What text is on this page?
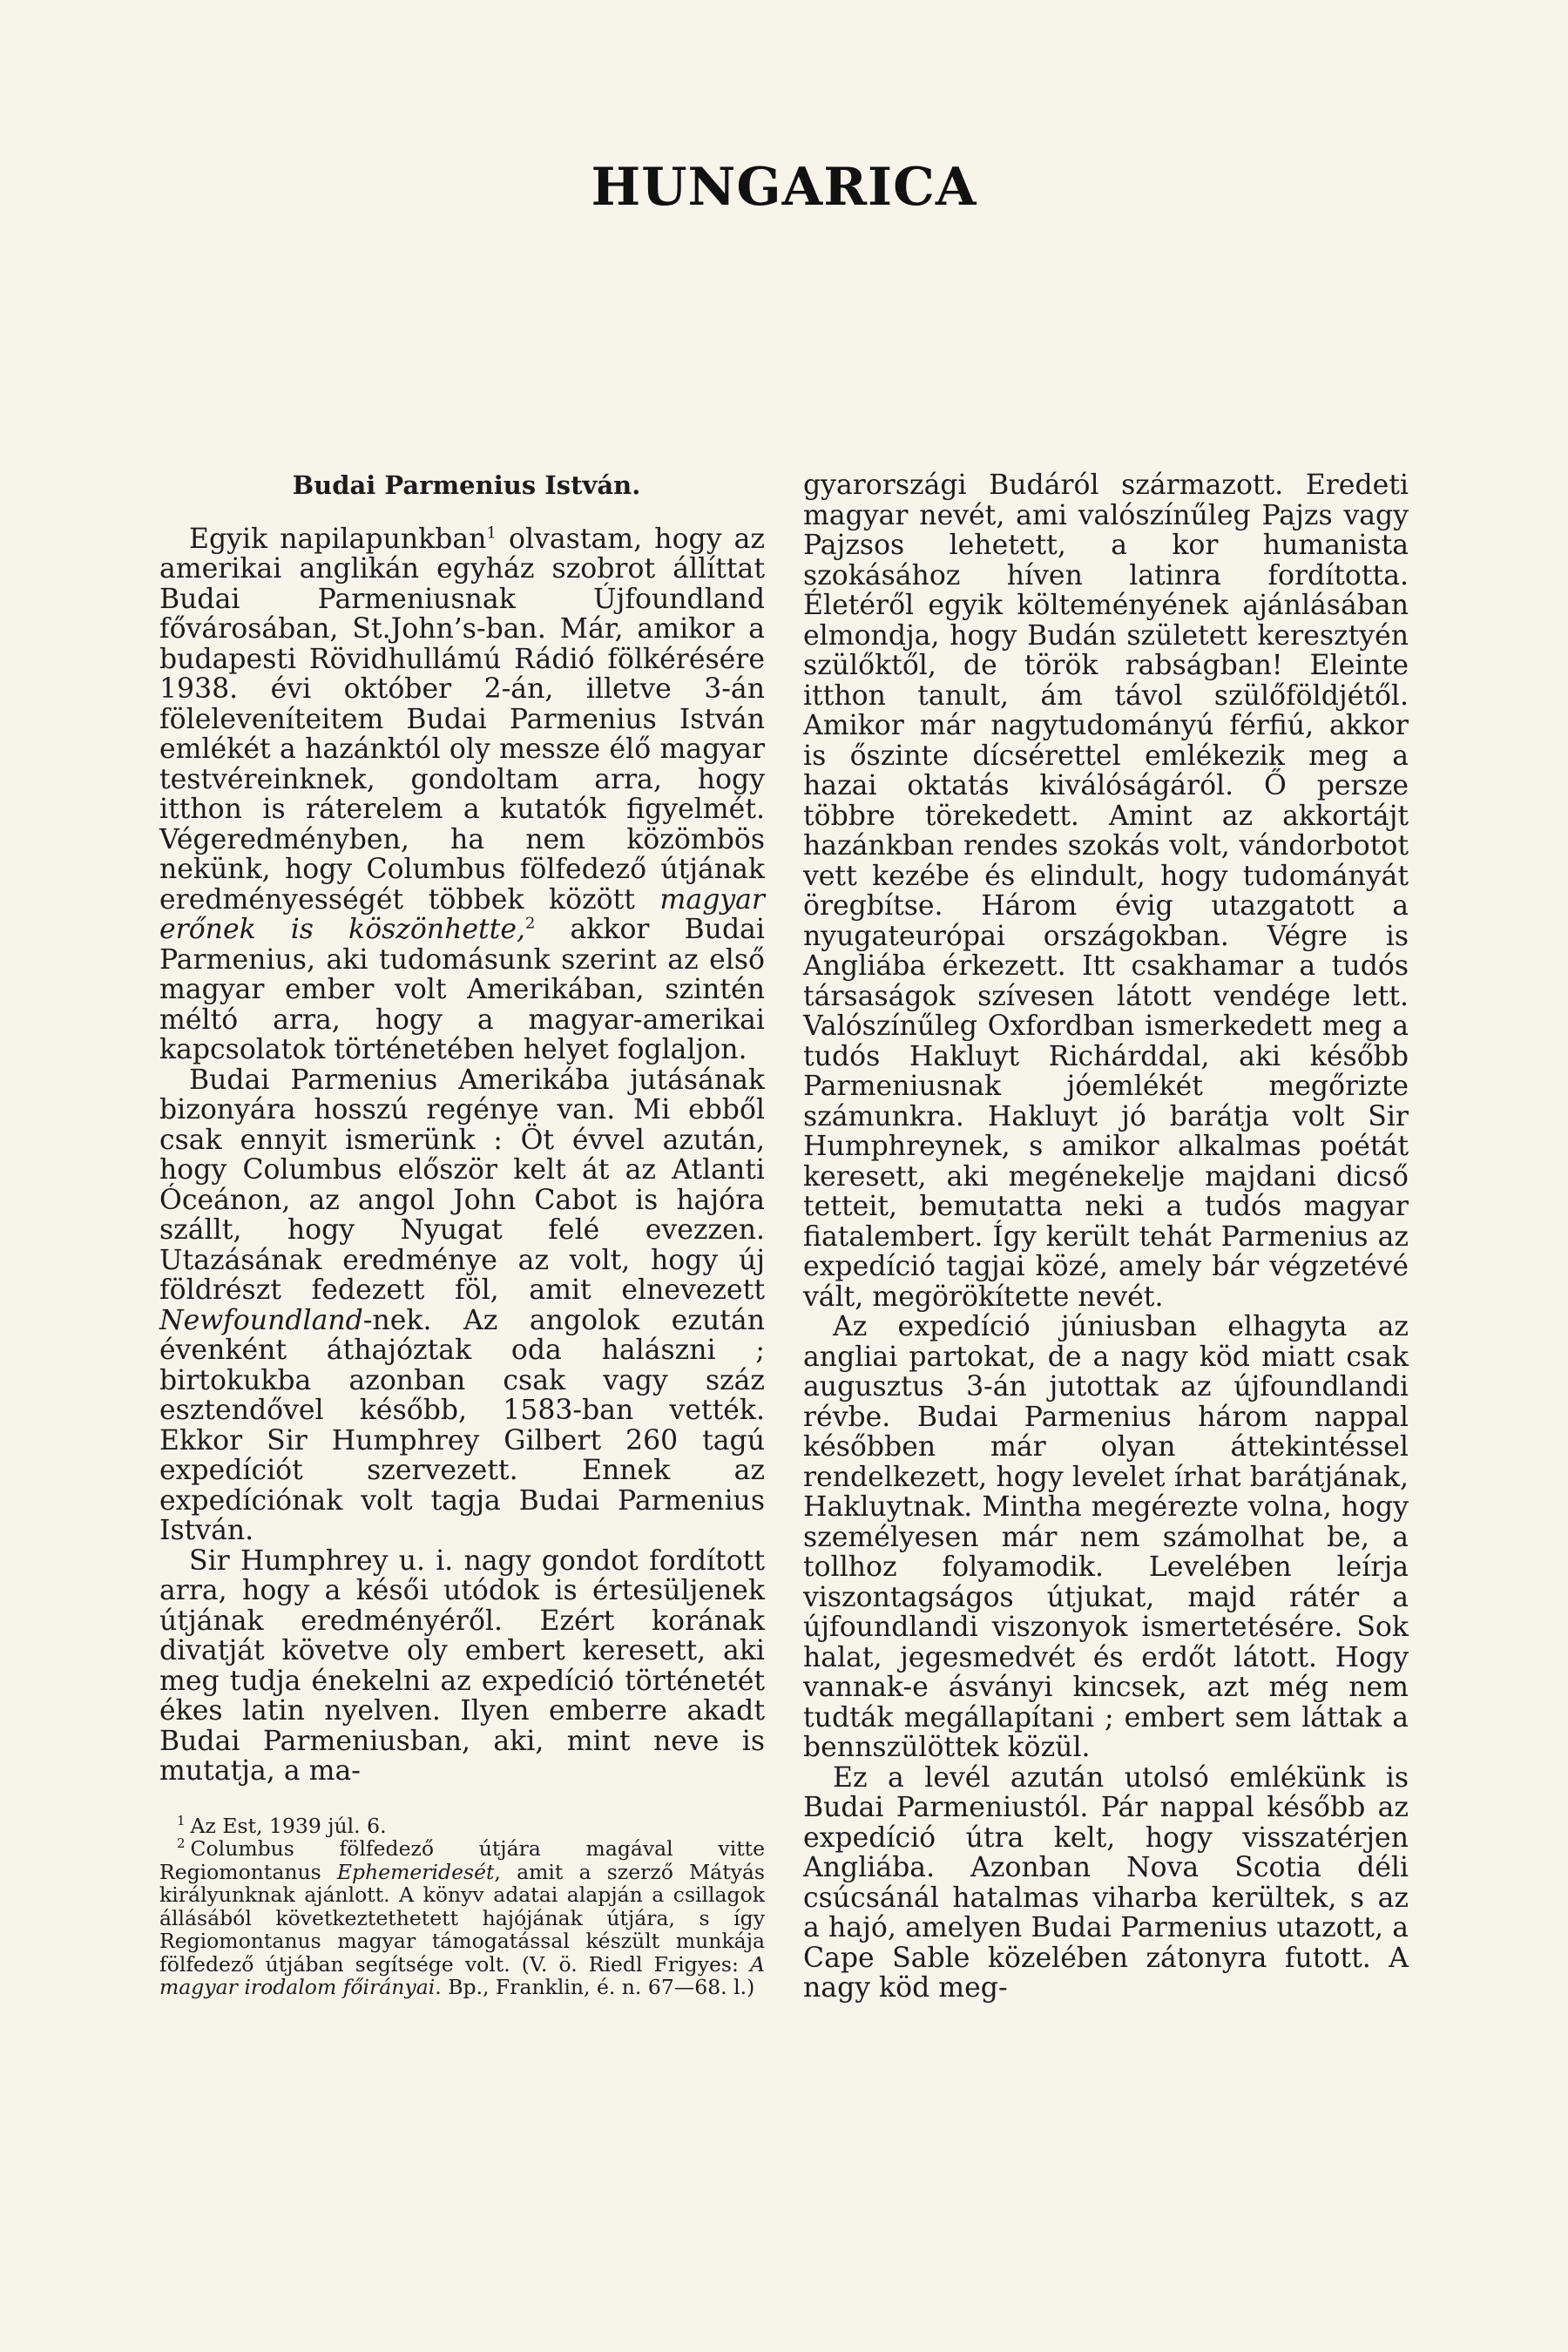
HUNGARICA
Budai Parmenius István.

Egyik napilapunkban$^1$ olvastam, hogy az amerikai anglikán egyház szobrot állíttat Budai Parmeniusnak Újfoundland fővárosában, St.John’s-ban. Már, amikor a budapesti Rövidhullámú Rádió fölkérésére 1938. évi október 2-án, illetve 3-án föleleveníteitem Budai Parmenius István emlékét a hazánktól oly messze élő magyar testvéreinknek, gondoltam arra, hogy itthon is ráterelem a kutatók figyelmét. Végeredményben, ha nem közömbös nekünk, hogy Columbus fölfedező útjának eredményességét többek között magyar erőnek is köszönhette,$^2$ akkor Budai Parmenius, aki tudomásunk szerint az első magyar ember volt Amerikában, szintén méltó arra, hogy a magyar-amerikai kapcsolatok történetében helyet foglaljon.

Budai Parmenius Amerikába jutásának bizonyára hosszú regénye van. Mi ebből csak ennyit ismerünk : Öt évvel azután, hogy Columbus először kelt át az Atlanti Óceánon, az angol John Cabot is hajóra szállt, hogy Nyugat felé evezzen. Utazásának eredménye az volt, hogy új földrészt fedezett föl, amit elnevezett Newfoundland-nek. Az angolok ezután évenként áthajóztak oda halászni ; birtokukba azonban csak vagy száz esztendővel később, 1583-ban vették. Ekkor Sir Humphrey Gilbert 260 tagú expedíciót szervezett. Ennek az expedíciónak volt tagja Budai Parmenius István.

Sir Humphrey u. i. nagy gondot fordított arra, hogy a késői utódok is értesüljenek útjának eredményéről. Ezért korának divatját követve oly embert keresett, aki meg tudja énekelni az expedíció történetét ékes latin nyelven. Ilyen emberre akadt Budai Parmeniusban, aki, mint neve is mutatja, a ma-

$^1$ Az Est, 1939 júl. 6.

$^2$ Columbus fölfedező útjára magával vitte Regiomontanus Ephemeridesét, amit a szerző Mátyás királyunknak ajánlott. A könyv adatai alapján a csillagok állásából következtethetett hajójának útjára, s így Regiomontanus magyar támogatással készült munkája fölfedező útjában segítsége volt. (V. ö. Riedl Frigyes: A magyar irodalom főirányai. Bp., Franklin, é. n. 67—68. l.)

gyarországi Budáról származott. Eredeti magyar nevét, ami valószínűleg Pajzs vagy Pajzsos lehetett, a kor humanista szokásához híven latinra fordította. Életéről egyik költeményének ajánlásában elmondja, hogy Budán született keresztyén szülőktől, de török rabságban! Eleinte itthon tanult, ám távol szülőföldjétől. Amikor már nagytudományú férfiú, akkor is őszinte dícsérettel emlékezik meg a hazai oktatás kiválóságáról. Ő persze többre törekedett. Amint az akkortájt hazánkban rendes szokás volt, vándorbotot vett kezébe és elindult, hogy tudományát öregbítse. Három évig utazgatott a nyugateurópai országokban. Végre is Angliába érkezett. Itt csakhamar a tudós társaságok szívesen látott vendége lett. Valószínűleg Oxfordban ismerkedett meg a tudós Hakluyt Richárddal, aki később Parmeniusnak jóemlékét megőrizte számunkra. Hakluyt jó barátja volt Sir Humphreynek, s amikor alkalmas poétát keresett, aki megénekelje majdani dicső tetteit, bemutatta neki a tudós magyar fiatalembert. Így került tehát Parmenius az expedíció tagjai közé, amely bár végzetévé vált, megörökítette nevét.

Az expedíció júniusban elhagyta az angliai partokat, de a nagy köd miatt csak augusztus 3-án jutottak az újfoundlandi révbe. Budai Parmenius három nappal későbben már olyan áttekintéssel rendelkezett, hogy levelet írhat barátjának, Hakluytnak. Mintha megérezte volna, hogy személyesen már nem számolhat be, a tollhoz folyamodik. Levelében leírja viszontagságos útjukat, majd rátér a újfoundlandi viszonyok ismertetésére. Sok halat, jegesmedvét és erdőt látott. Hogy vannak-e ásványi kincsek, azt még nem tudták megállapítani ; embert sem láttak a bennszülöttek közül.

Ez a levél azután utolsó emlékünk is Budai Parmeniustól. Pár nappal később az expedíció útra kelt, hogy visszatérjen Angliába. Azonban Nova Scotia déli csúcsánál hatalmas viharba kerültek, s az a hajó, amelyen Budai Parmenius utazott, a Cape Sable közelében zátonyra futott. A nagy köd meg-
